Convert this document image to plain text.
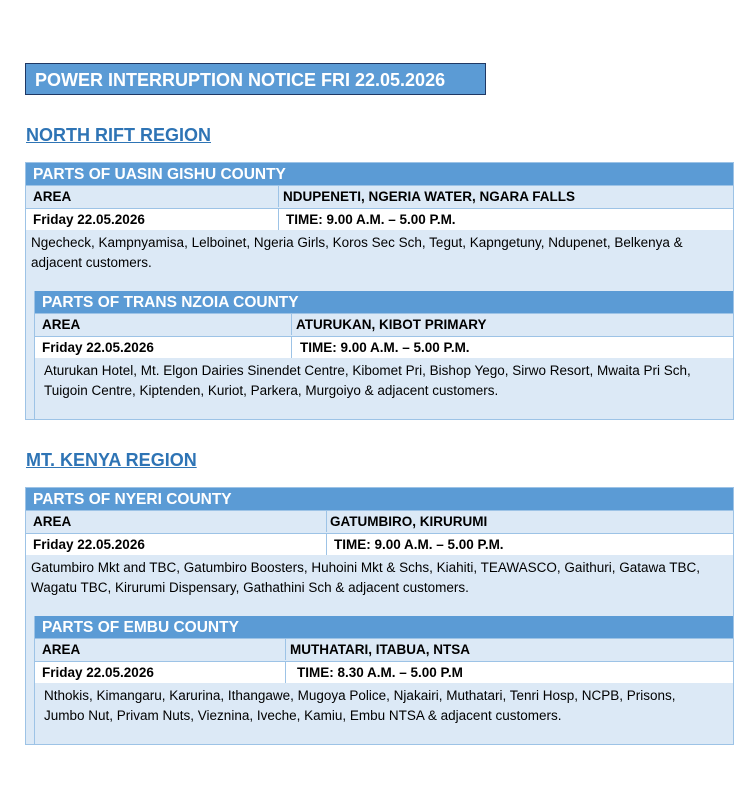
POWER INTERRUPTION NOTICE FRI 22.05.2026
NORTH RIFT REGION
PARTS OF UASIN GISHU COUNTY
AREA	NDUPENETI, NGERIA WATER, NGARA FALLS
Friday 22.05.2026	TIME: 9.00 A.M. – 5.00 P.M.
Ngecheck, Kampnyamisa, Lelboinet, Ngeria Girls, Koros Sec Sch, Tegut, Kapngetuny, Ndupenet, Belkenya & adjacent customers.
PARTS OF TRANS NZOIA COUNTY
AREA	ATURUKAN, KIBOT PRIMARY
Friday 22.05.2026	TIME: 9.00 A.M. – 5.00 P.M.
Aturukan Hotel, Mt. Elgon Dairies Sinendet Centre, Kibomet Pri, Bishop Yego, Sirwo Resort, Mwaita Pri Sch, Tuigoin Centre, Kiptenden, Kuriot, Parkera, Murgoiyo & adjacent customers.
MT. KENYA REGION
PARTS OF NYERI COUNTY
AREA	GATUMBIRO, KIRURUMI
Friday 22.05.2026	TIME: 9.00 A.M. – 5.00 P.M.
Gatumbiro Mkt and TBC, Gatumbiro Boosters, Huhoini Mkt & Schs, Kiahiti, TEAWASCO, Gaithuri, Gatawa TBC, Wagatu TBC, Kirurumi Dispensary, Gathathini Sch & adjacent customers.
PARTS OF EMBU COUNTY
AREA	MUTHATARI, ITABUA, NTSA
Friday 22.05.2026	TIME: 8.30 A.M. – 5.00 P.M
Nthokis, Kimangaru, Karurina, Ithangawe, Mugoya Police, Njakairi, Muthatari, Tenri Hosp, NCPB, Prisons, Jumbo Nut, Privam Nuts, Vieznina, Iveche, Kamiu, Embu NTSA & adjacent customers.
